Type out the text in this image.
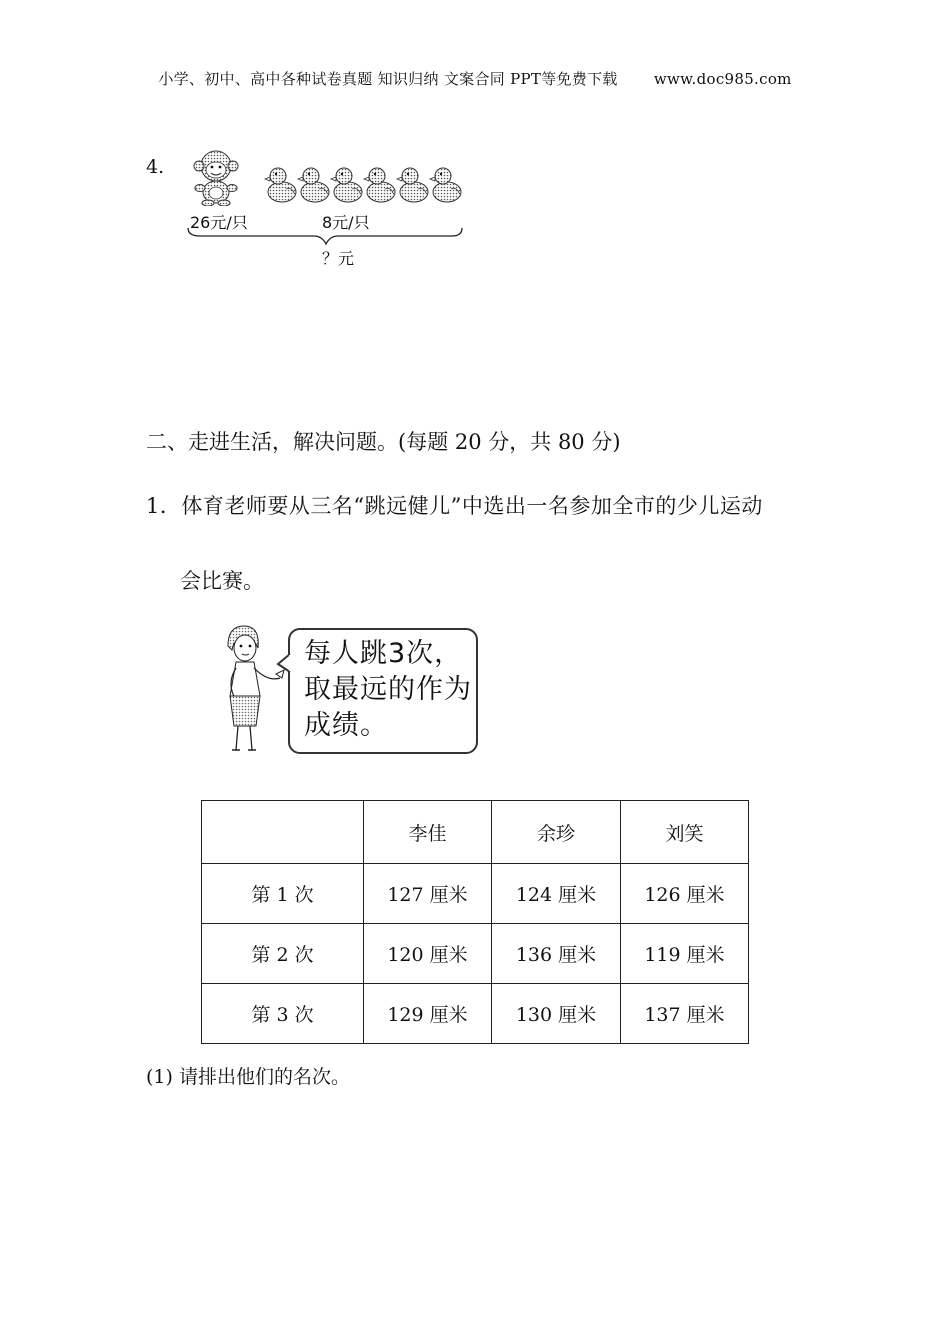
小学、初中、高中各种试卷真题 知识归纳 文案合同 PPT等免费下载 www.doc985.com
4.
26元/只	8元/只
？元
二、走进生活，解决问题。(每题 20 分，共 80 分)
1．体育老师要从三名“跳远健儿”中选出一名参加全市的少儿运动
会比赛。
每人跳3次，取最远的作为成绩。
	李佳	余珍	刘笑
第 1 次	127 厘米	124 厘米	126 厘米
第 2 次	120 厘米	136 厘米	119 厘米
第 3 次	129 厘米	130 厘米	137 厘米
(1) 请排出他们的名次。
